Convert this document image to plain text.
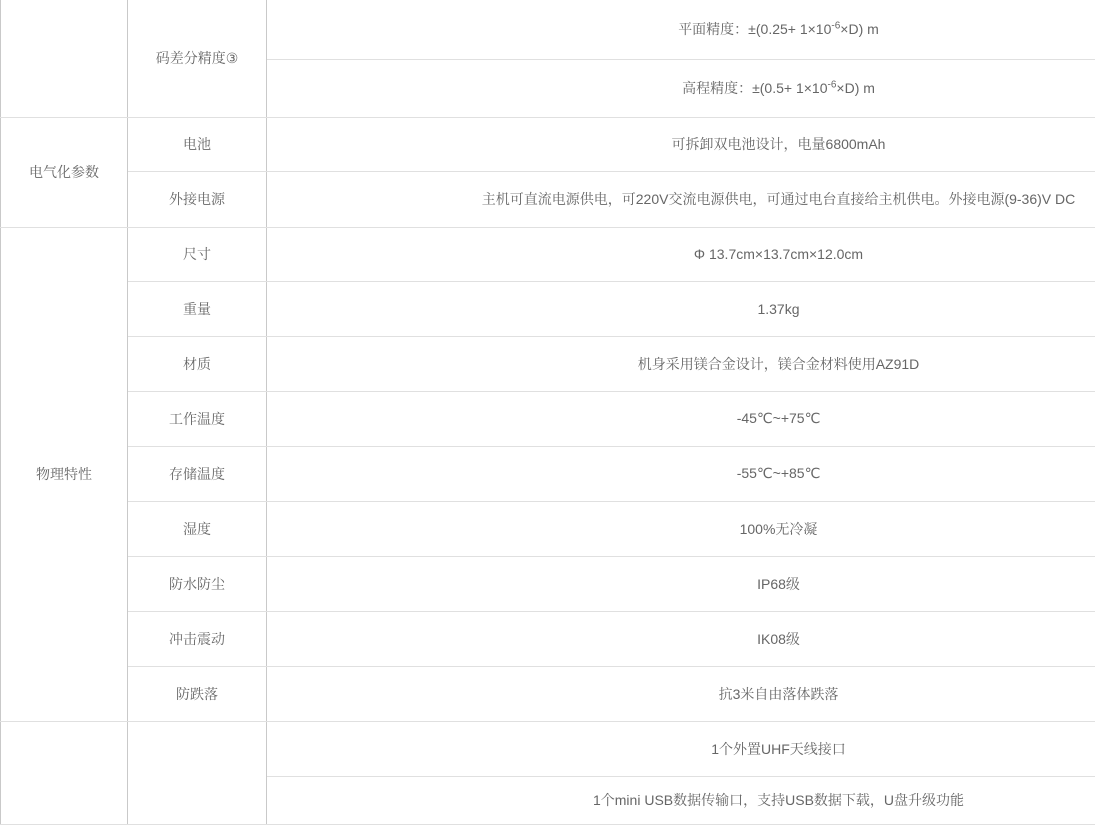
	码差分精度③	平面精度：$\pm(0.25+ 1\times 10^{-6}\times D)$ m
		高程精度：$\pm(0.5+ 1\times 10^{-6}\times D)$ m
电气化参数	电池	可拆卸双电池设计，电量6800mAh
	外接电源	主机可直流电源供电，可220V交流电源供电，可通过电台直接给主机供电。外接电源(9-36)V DC
物理特性	尺寸	Φ 13.7cm×13.7cm×12.0cm
	重量	1.37kg
	材质	机身采用镁合金设计，镁合金材料使用AZ91D
	工作温度	-45℃~+75℃
	存储温度	-55℃~+85℃
	湿度	100%无冷凝
	防水防尘	IP68级
	冲击震动	IK08级
	防跌落	抗3米自由落体跌落
		1个外置UHF天线接口
		1个mini USB数据传输口，支持USB数据下载，U盘升级功能
